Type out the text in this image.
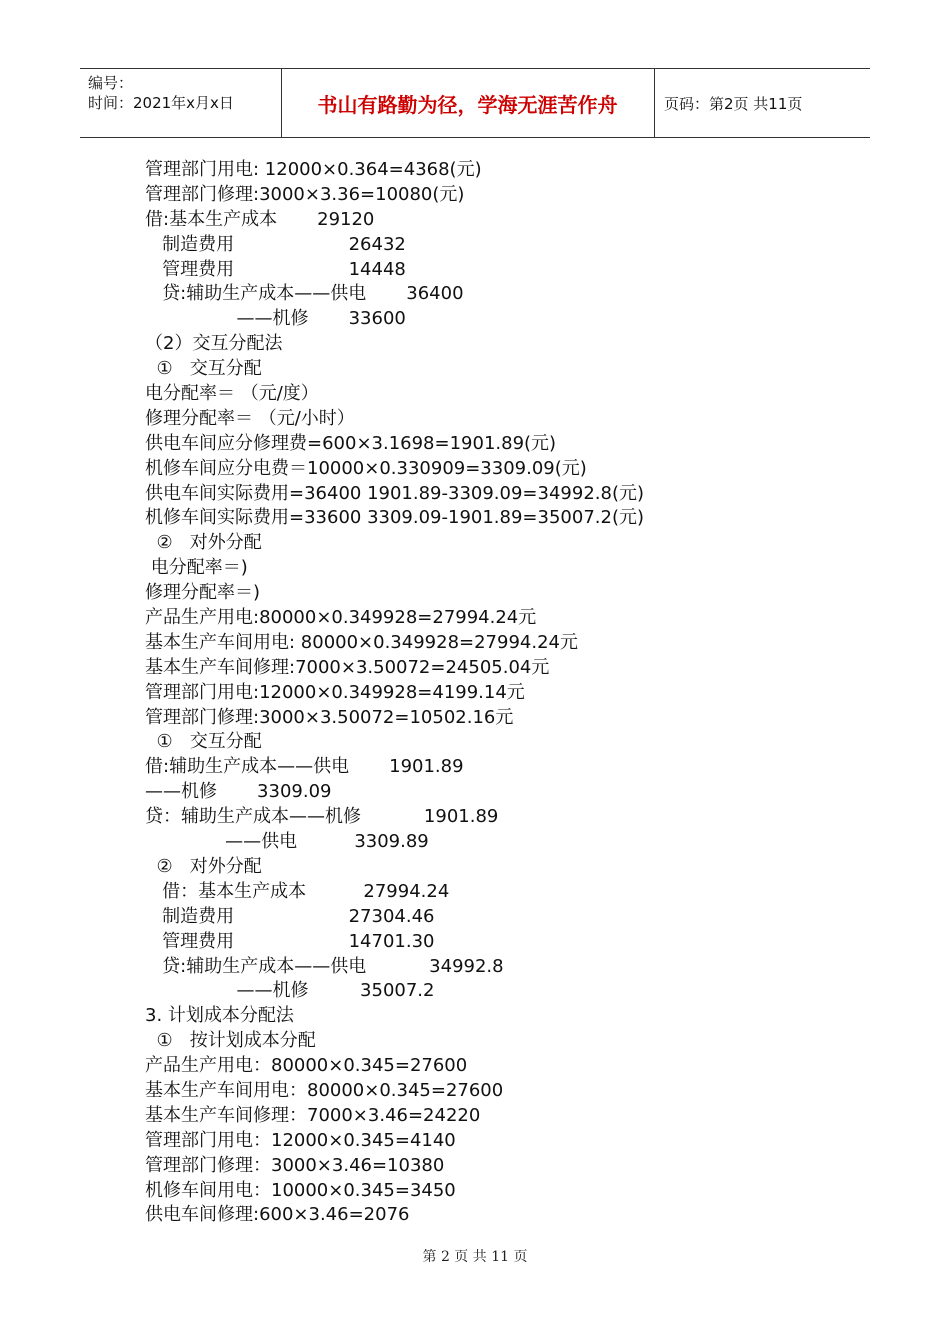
编号：
时间：2021年x月x日	书山有路勤为径，学海无涯苦作舟	页码：第2页 共11页
管理部门用电: 12000×0.364=4368(元)
管理部门修理:3000×3.36=10080(元)
借:基本生产成本       29120
制造费用                    26432
管理费用                    14448
贷:辅助生产成本——供电       36400
——机修       33600
（2）交互分配法
①   交互分配
电分配率＝ （元/度）
修理分配率＝ （元/小时）
供电车间应分修理费=600×3.1698=1901.89(元)
机修车间应分电费＝10000×0.330909=3309.09(元)
供电车间实际费用=36400 1901.89-3309.09=34992.8(元)
机修车间实际费用=33600 3309.09-1901.89=35007.2(元)
②   对外分配
电分配率＝)
修理分配率＝)
产品生产用电:80000×0.349928=27994.24元
基本生产车间用电: 80000×0.349928=27994.24元
基本生产车间修理:7000×3.50072=24505.04元
管理部门用电:12000×0.349928=4199.14元
管理部门修理:3000×3.50072=10502.16元
①   交互分配
借:辅助生产成本——供电       1901.89
——机修       3309.09
贷：辅助生产成本——机修           1901.89
——供电          3309.89
②   对外分配
借：基本生产成本          27994.24
制造费用                    27304.46
管理费用                    14701.30
贷:辅助生产成本——供电           34992.8
——机修         35007.2
3. 计划成本分配法
①   按计划成本分配
产品生产用电：80000×0.345=27600
基本生产车间用电：80000×0.345=27600
基本生产车间修理：7000×3.46=24220
管理部门用电：12000×0.345=4140
管理部门修理：3000×3.46=10380
机修车间用电：10000×0.345=3450
供电车间修理:600×3.46=2076
第 2 页 共 11 页
